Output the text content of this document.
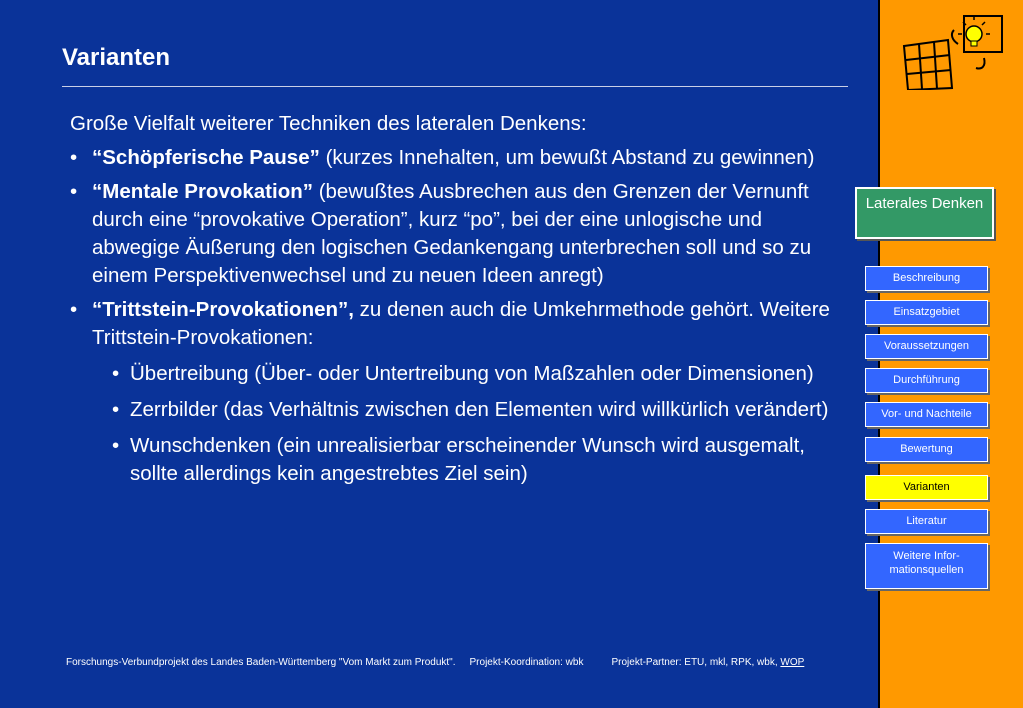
Varianten

Große Vielfalt weiterer Techniken des lateralen Denkens:

• “Schöpferische Pause” (kurzes Innehalten, um bewußt Abstand zu gewinnen)
• “Mentale Provokation” (bewußtes Ausbrechen aus den Grenzen der Vernunft durch eine “provokative Operation”, kurz “po”, bei der eine unlogische und abwegige Äußerung den logischen Gedankengang unterbrechen soll und so zu einem Perspektivenwechsel und zu neuen Ideen anregt)
• “Trittstein-Provokationen”, zu denen auch die Umkehrmethode gehört. Weitere Trittstein-Provokationen:
• Übertreibung (Über- oder Untertreibung von Maßzahlen oder Dimensionen)
• Zerrbilder (das Verhältnis zwischen den Elementen wird willkürlich verändert)
• Wunschdenken (ein unrealisierbar erscheinender Wunsch wird ausgemalt, sollte allerdings kein angestrebtes Ziel sein)
Forschungs-Verbundprojekt des Landes Baden-Württemberg "Vom Markt zum Produkt". Projekt-Koordination: wbk	Projekt-Partner: ETU, mkl, RPK, wbk, WOP
Laterales Denken
Beschreibung
Einsatzgebiet
Voraussetzungen
Durchführung
Vor- und Nachteile
Bewertung
Varianten
Literatur
Weitere Infor-
mationsquellen
